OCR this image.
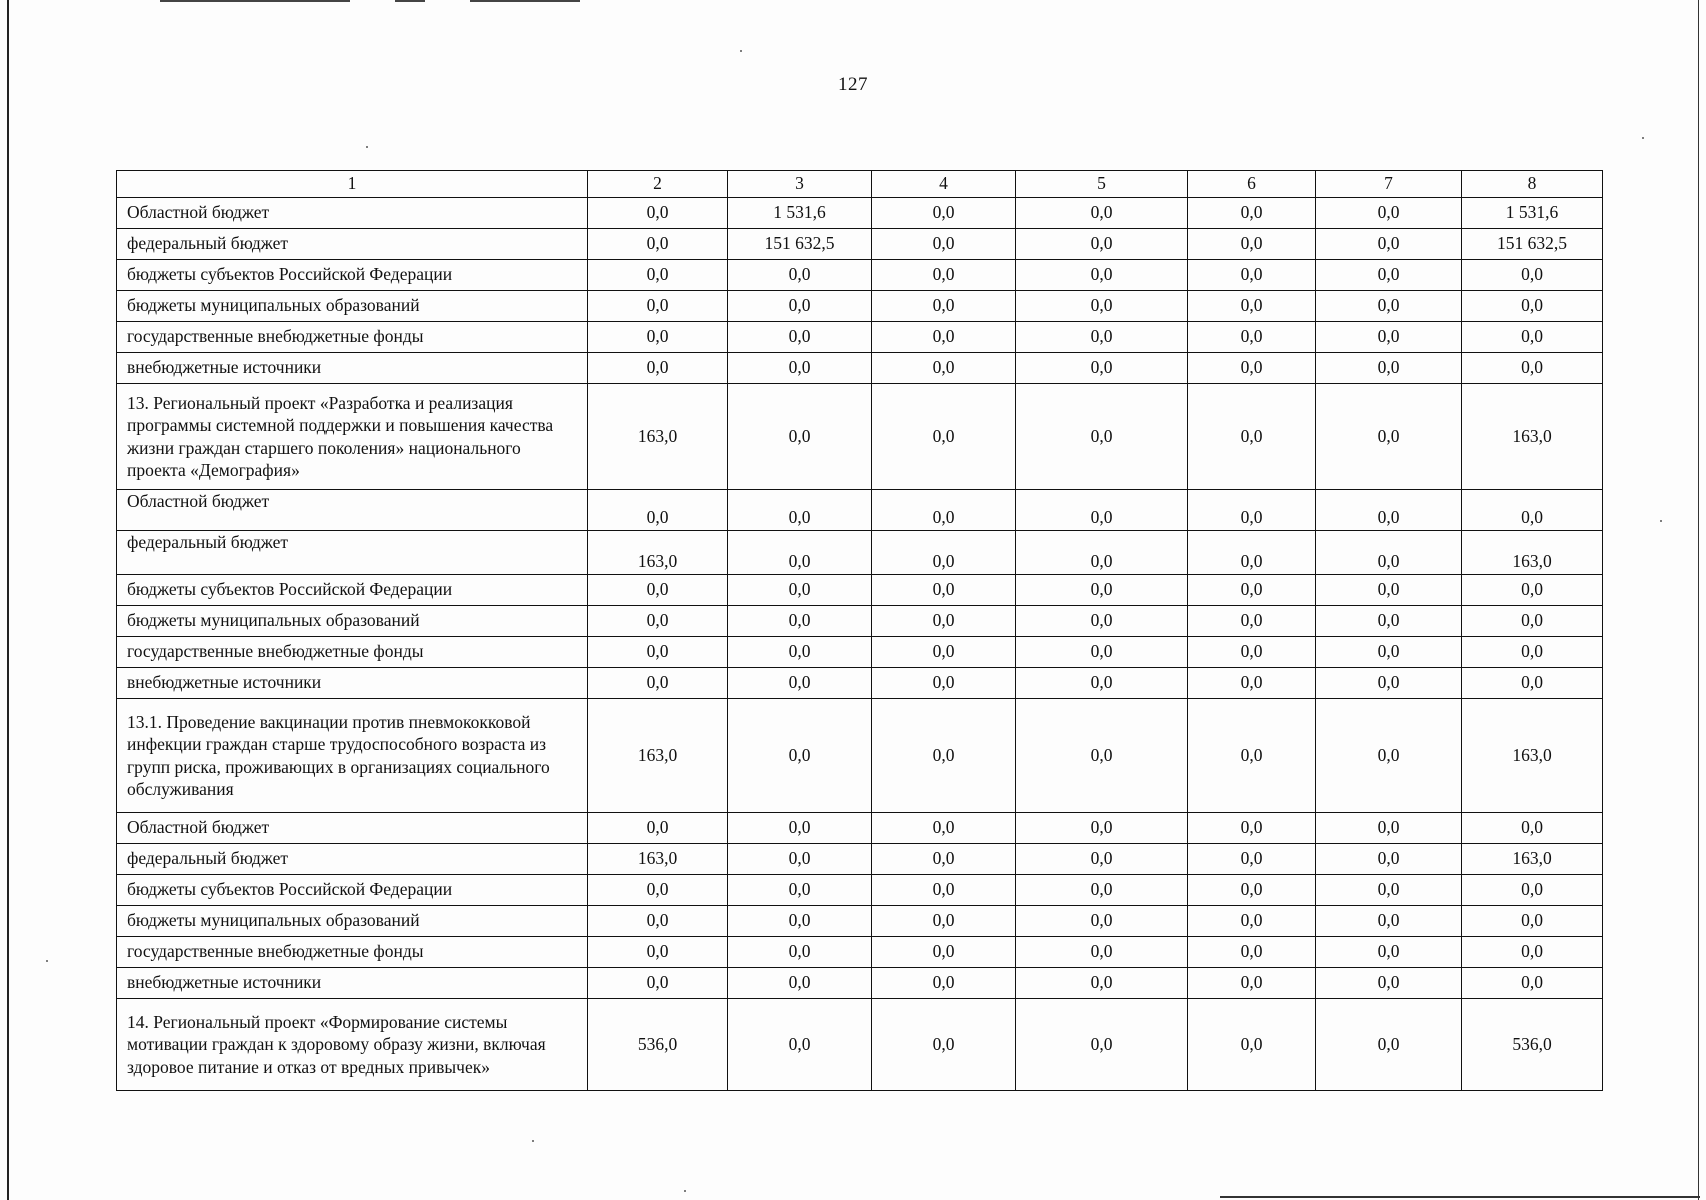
127
1	2	3	4	5	6	7	8
Областной бюджет	0,0	1 531,6	0,0	0,0	0,0	0,0	1 531,6
федеральный бюджет	0,0	151 632,5	0,0	0,0	0,0	0,0	151 632,5
бюджеты субъектов Российской Федерации	0,0	0,0	0,0	0,0	0,0	0,0	0,0
бюджеты муниципальных образований	0,0	0,0	0,0	0,0	0,0	0,0	0,0
государственные внебюджетные фонды	0,0	0,0	0,0	0,0	0,0	0,0	0,0
внебюджетные источники	0,0	0,0	0,0	0,0	0,0	0,0	0,0
13. Региональный проект «Разработка и реализация программы системной поддержки и повышения качества жизни граждан старшего поколения» национального проекта «Демография»	163,0	0,0	0,0	0,0	0,0	0,0	163,0
Областной бюджет	0,0	0,0	0,0	0,0	0,0	0,0	0,0
федеральный бюджет	163,0	0,0	0,0	0,0	0,0	0,0	163,0
бюджеты субъектов Российской Федерации	0,0	0,0	0,0	0,0	0,0	0,0	0,0
бюджеты муниципальных образований	0,0	0,0	0,0	0,0	0,0	0,0	0,0
государственные внебюджетные фонды	0,0	0,0	0,0	0,0	0,0	0,0	0,0
внебюджетные источники	0,0	0,0	0,0	0,0	0,0	0,0	0,0
13.1. Проведение вакцинации против пневмококковой инфекции граждан старше трудоспособного возраста из групп риска, проживающих в организациях социального обслуживания	163,0	0,0	0,0	0,0	0,0	0,0	163,0
Областной бюджет	0,0	0,0	0,0	0,0	0,0	0,0	0,0
федеральный бюджет	163,0	0,0	0,0	0,0	0,0	0,0	163,0
бюджеты субъектов Российской Федерации	0,0	0,0	0,0	0,0	0,0	0,0	0,0
бюджеты муниципальных образований	0,0	0,0	0,0	0,0	0,0	0,0	0,0
государственные внебюджетные фонды	0,0	0,0	0,0	0,0	0,0	0,0	0,0
внебюджетные источники	0,0	0,0	0,0	0,0	0,0	0,0	0,0
14. Региональный проект «Формирование системы мотивации граждан к здоровому образу жизни, включая здоровое питание и отказ от вредных привычек»	536,0	0,0	0,0	0,0	0,0	0,0	536,0
